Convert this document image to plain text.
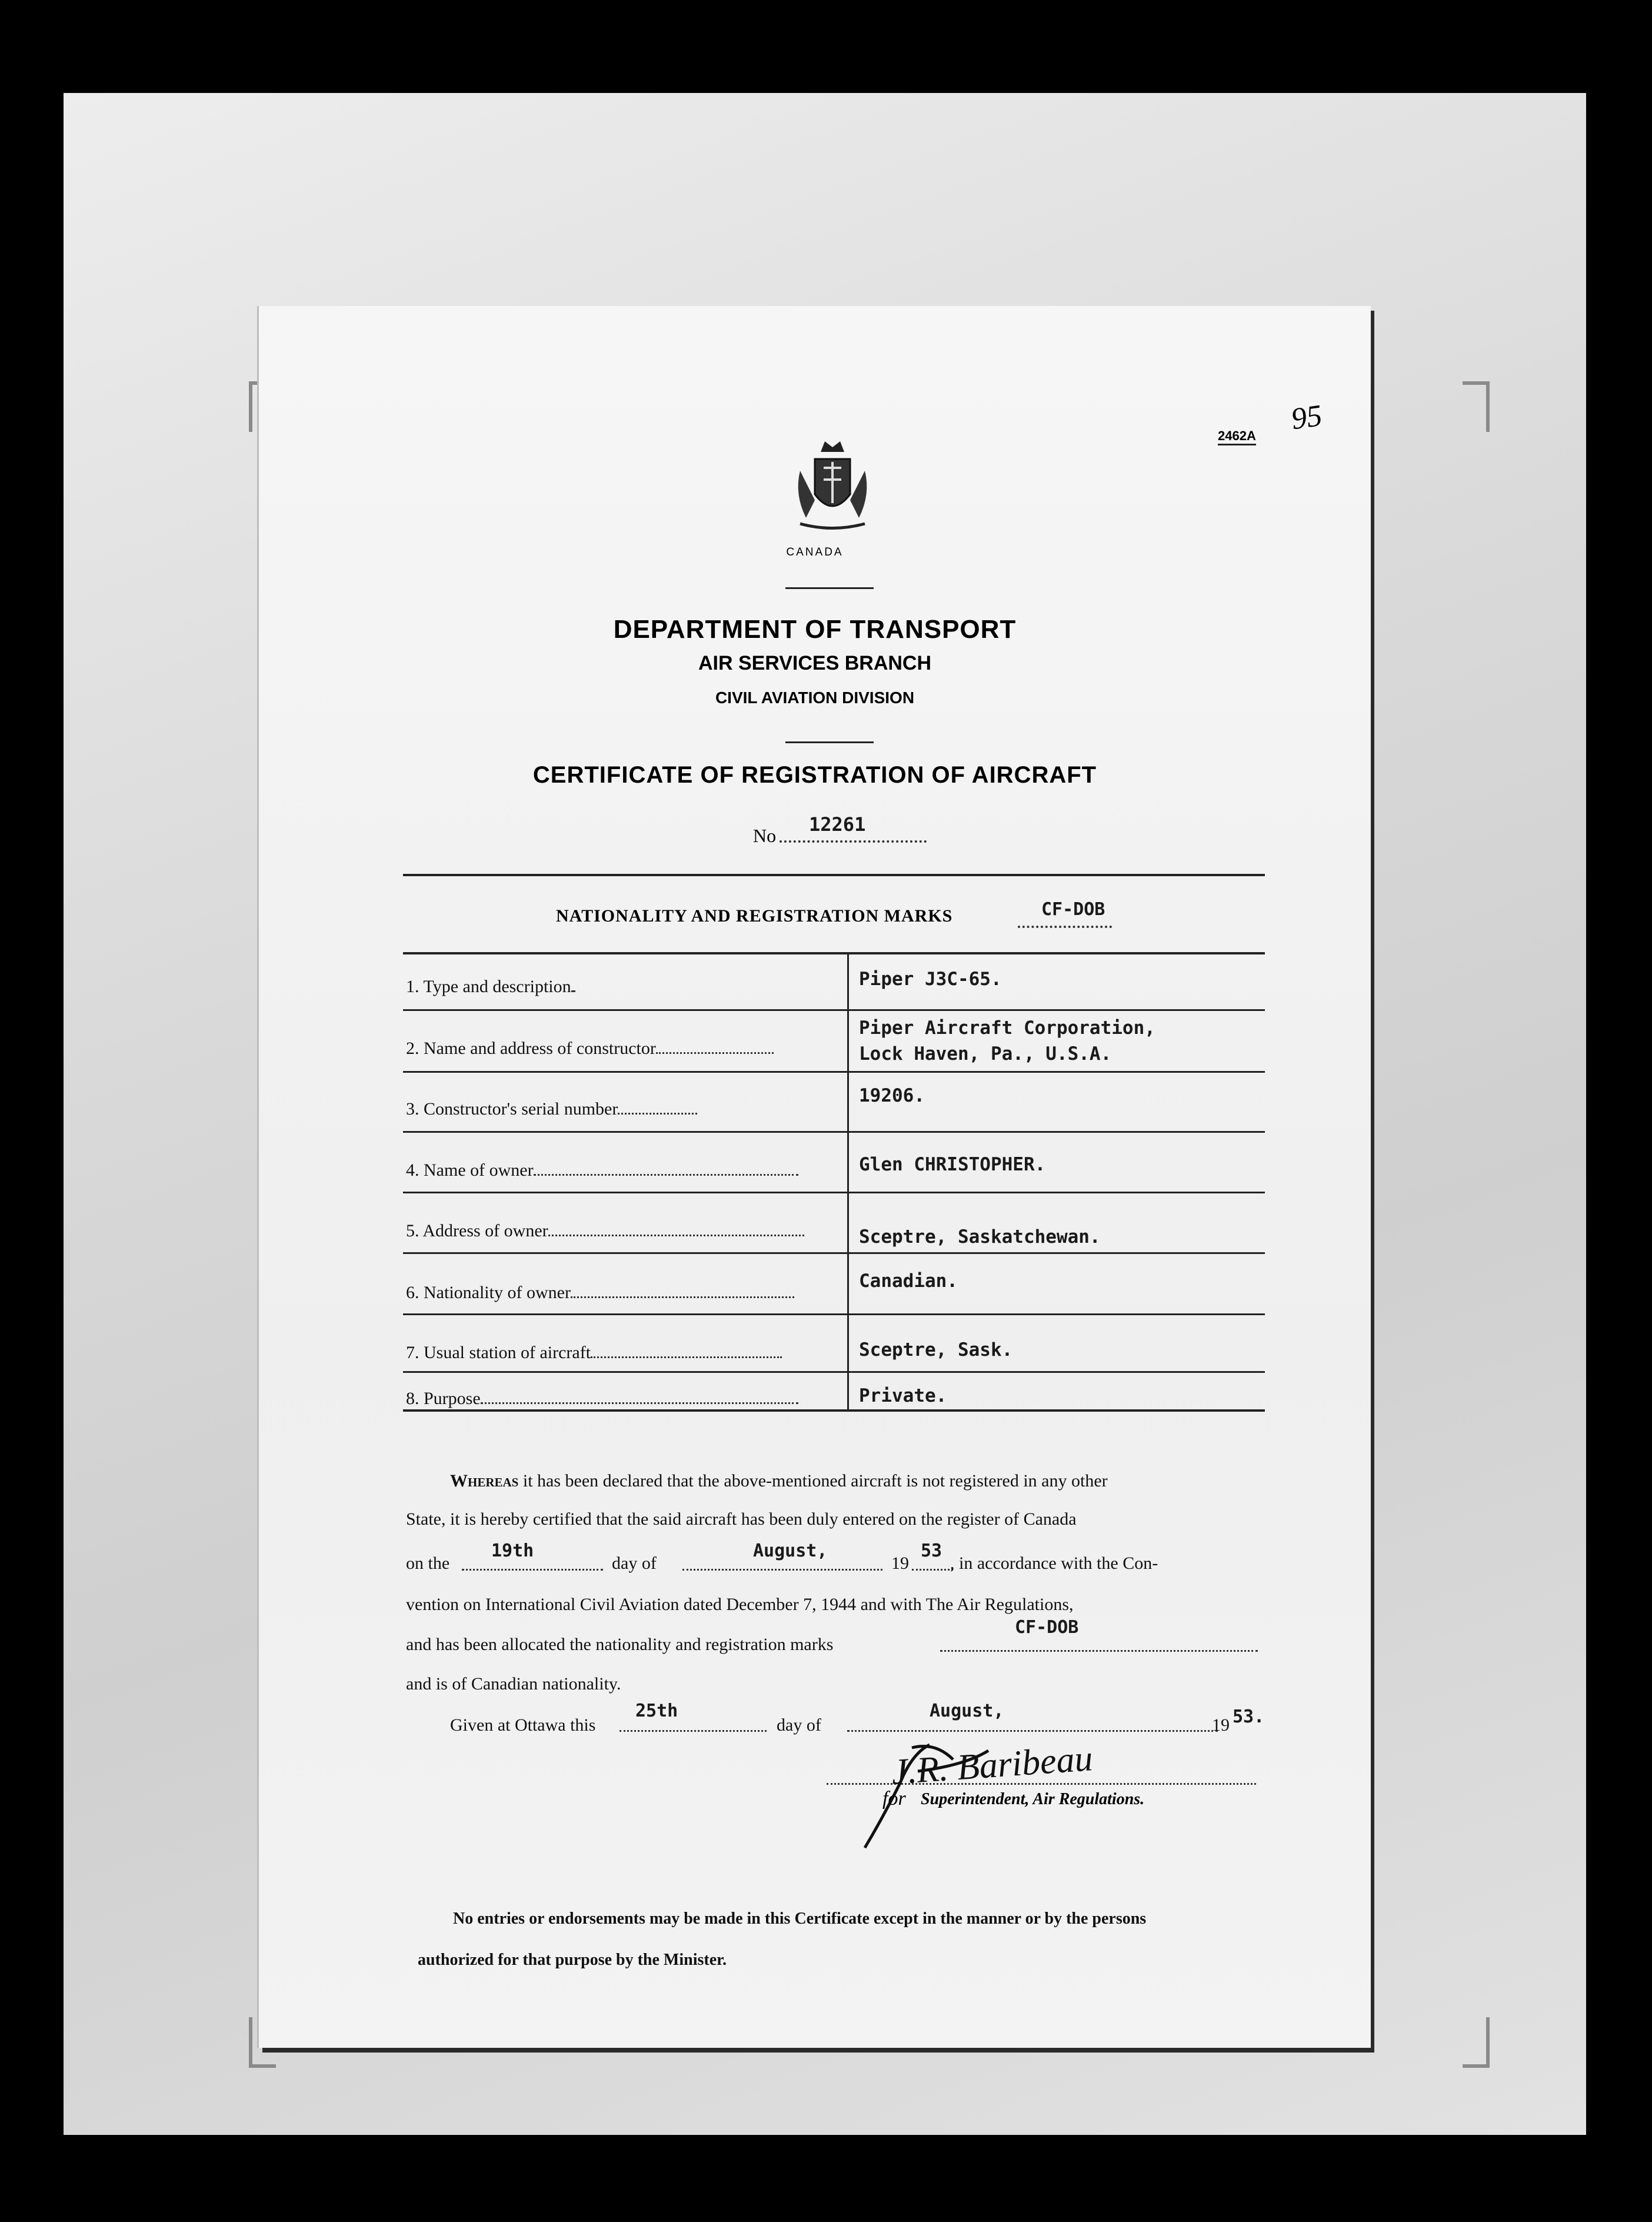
2462A 95
CANADA
DEPARTMENT OF TRANSPORT
AIR SERVICES BRANCH
CIVIL AVIATION DIVISION
CERTIFICATE OF REGISTRATION OF AIRCRAFT
No 12261
NATIONALITY AND REGISTRATION MARKS	CF-DOB
1. Type and description
2. Name and address of constructor
3. Constructor's serial number
4. Name of owner
5. Address of owner
6. Nationality of owner
7. Usual station of aircraft
8. Purpose
Piper J3C-65.
Piper Aircraft Corporation,
Lock Haven, Pa., U.S.A.
19206.
Glen CHRISTOPHER.
Sceptre, Saskatchewan.
Canadian.
Sceptre, Sask.
Private.
Whereas it has been declared that the above-mentioned aircraft is not registered in any other
State, it is hereby certified that the said aircraft has been duly entered on the register of Canada
on the
19th
day of
August,
19
53
, in accordance with the Con-
vention on International Civil Aviation dated December 7, 1944 and with The Air Regulations,
and has been allocated the nationality and registration marks
CF-DOB
and is of Canadian nationality.
Given at Ottawa this
25th
day of
August,
19 53.
J.R. Baribeau
for Superintendent, Air Regulations.
No entries or endorsements may be made in this Certificate except in the manner or by the persons
authorized for that purpose by the Minister.
